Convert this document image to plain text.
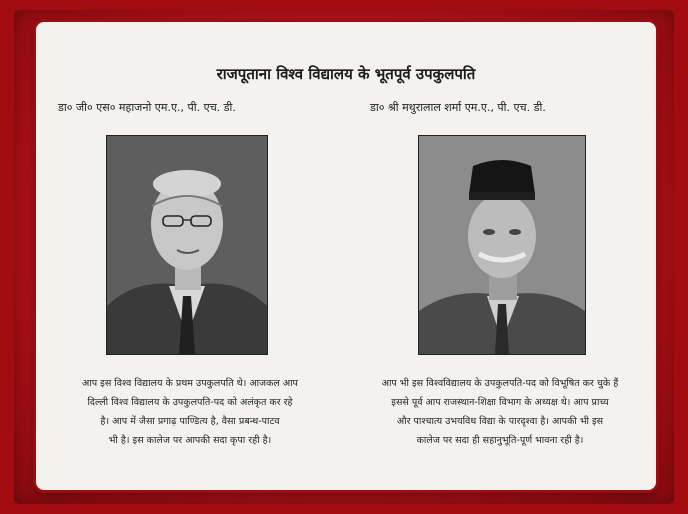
राजपूताना विश्व विद्यालय के भूतपूर्व उपकुलपति
डा० जी० एस० महाजनो एम.ए., पी. एच. डी.	डा० श्री मथुरालाल शर्मा एम.ए., पी. एच. डी.
आप इस विश्व विद्यालय के प्रथम उपकुलपति थे। आजकल आप
दिल्ली विश्व विद्यालय के उपकुलपति-पद को अलंकृत कर रहे
है। आप में जैसा प्रगाढ़ पाण्डित्य है, वैसा प्रबन्ध-पाटव
भी है। इस कालेज पर आपकी सदा कृपा रही है।
आप भी इस विश्वविद्यालय के उपकुलपति-पद को विभूषित कर चुके हैं
इससे पूर्व आप राजस्थान-शिक्षा विभाग के अध्यक्ष थे। आप प्राच्य
और पाश्चात्य उभयविध विद्या के पारदृश्वा है। आपकी भी इस
कालेज पर सदा ही सहानुभूति-पूर्ण भावना रही है।
